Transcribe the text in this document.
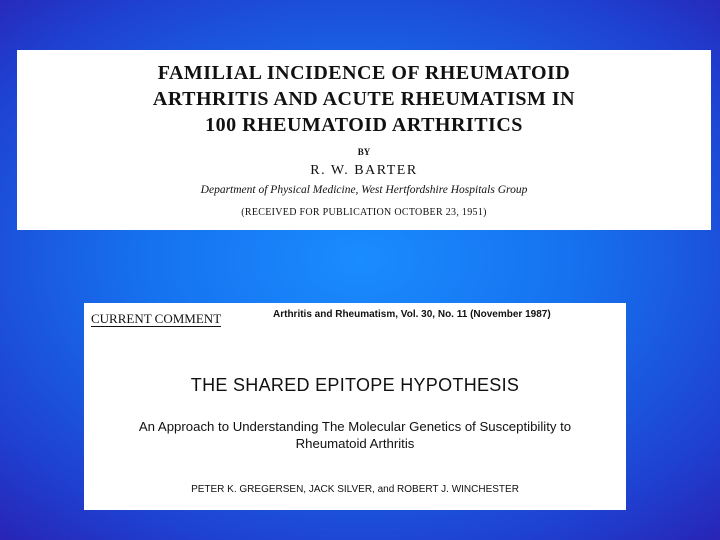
FAMILIAL INCIDENCE OF RHEUMATOID
ARTHRITIS AND ACUTE RHEUMATISM IN
100 RHEUMATOID ARTHRITICS
BY
R. W. BARTER
Department of Physical Medicine, West Hertfordshire Hospitals Group
(RECEIVED FOR PUBLICATION OCTOBER 23, 1951)
CURRENT COMMENT	Arthritis and Rheumatism, Vol. 30, No. 11 (November 1987)
THE SHARED EPITOPE HYPOTHESIS
An Approach to Understanding The Molecular Genetics of Susceptibility to
Rheumatoid Arthritis
PETER K. GREGERSEN, JACK SILVER, and ROBERT J. WINCHESTER
